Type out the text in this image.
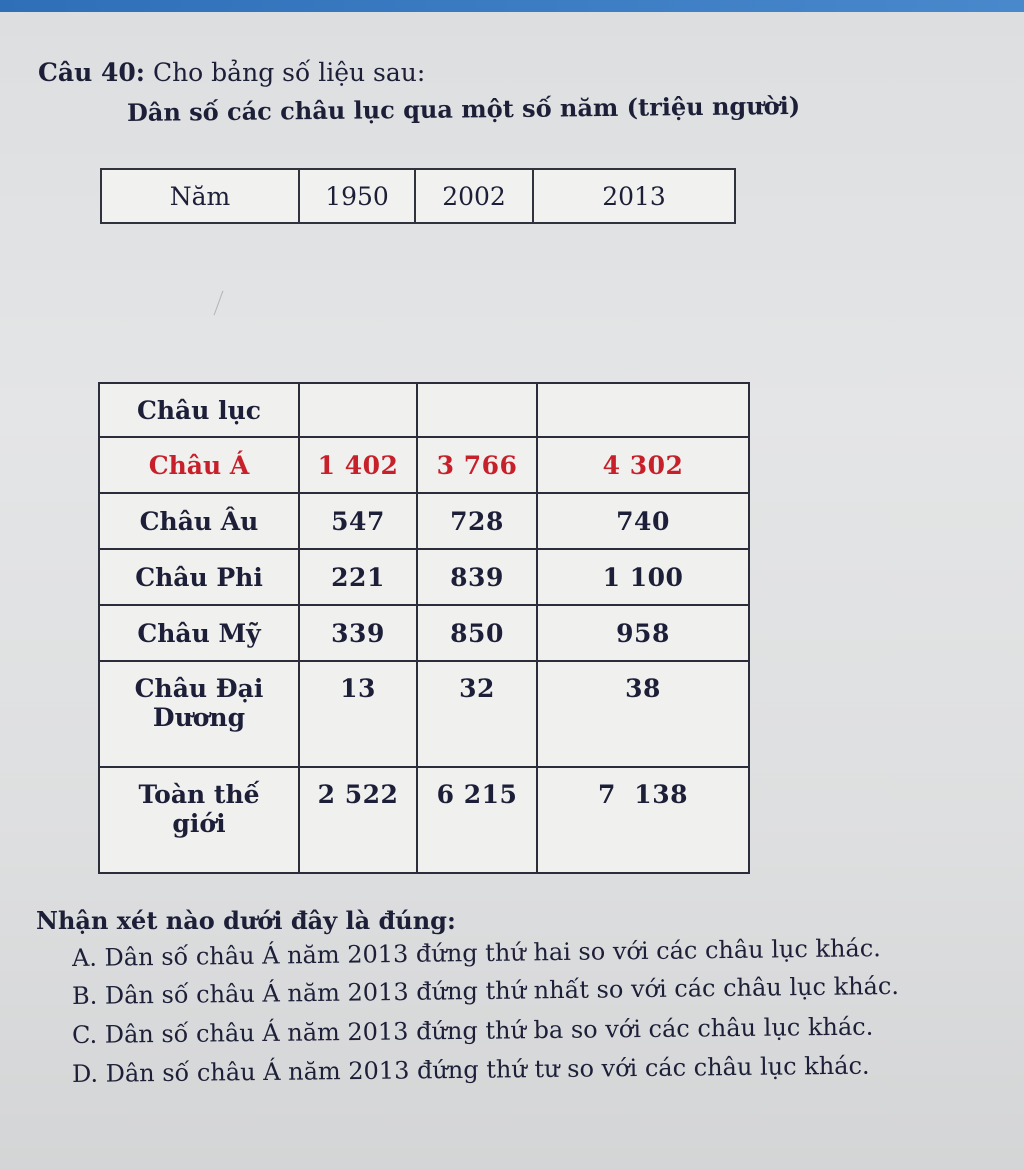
Câu 40: Cho bảng số liệu sau:
Dân số các châu lục qua một số năm (triệu người)
Năm	1950	2002	2013
Châu lục			
Châu Á	1 402	3 766	4 302
Châu Âu	547	728	740
Châu Phi	221	839	1 100
Châu Mỹ	339	850	958
Châu Đại
Dương	13	32	38
Toàn thế
giới	2 522	6 215	7  138
Nhận xét nào dưới đây là đúng:
A. Dân số châu Á năm 2013 đứng thứ hai so với các châu lục khác.
B. Dân số châu Á năm 2013 đứng thứ nhất so với các châu lục khác.
C. Dân số châu Á năm 2013 đứng thứ ba so với các châu lục khác.
D. Dân số châu Á năm 2013 đứng thứ tư so với các châu lục khác.
